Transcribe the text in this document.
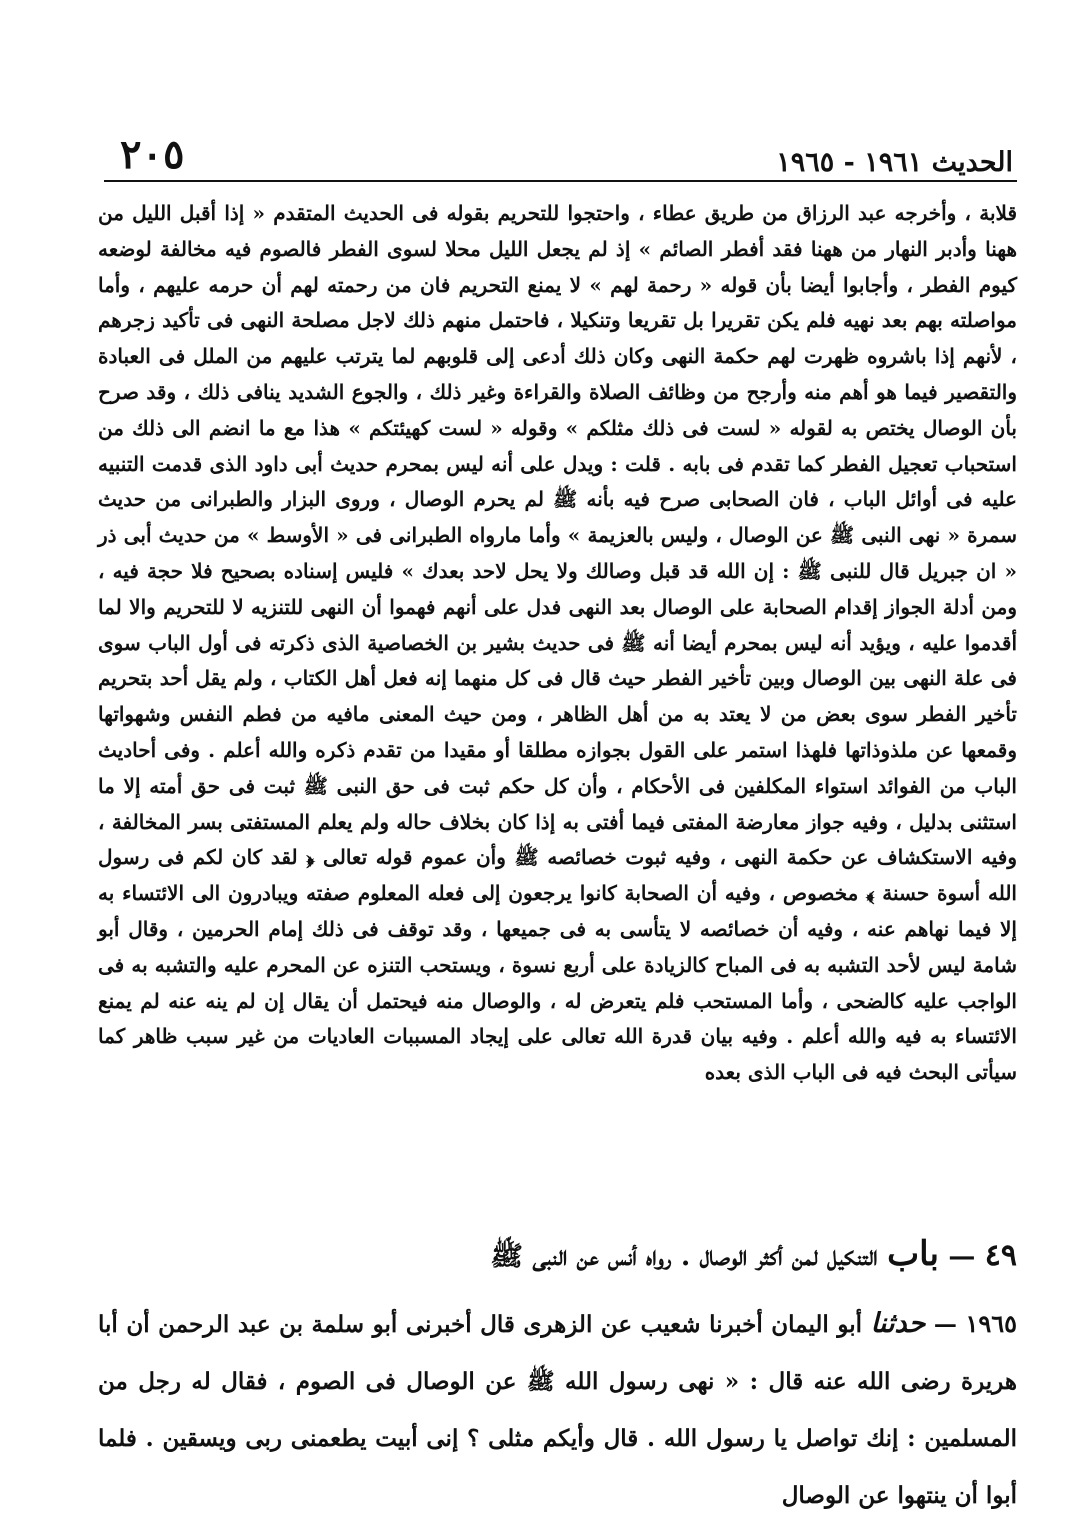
الحديث ١٩٦١ - ١٩٦٥
٢٠٥

قلابة ، وأخرجه عبد الرزاق من طريق عطاء ، واحتجوا للتحريم بقوله فى الحديث المتقدم « إذا أقبل الليل من ههنا وأدبر النهار من ههنا فقد أفطر الصائم » إذ لم يجعل الليل محلا لسوى الفطر فالصوم فيه مخالفة لوضعه كيوم الفطر ، وأجابوا أيضا بأن قوله « رحمة لهم » لا يمنع التحريم فان من رحمته لهم أن حرمه عليهم ، وأما مواصلته بهم بعد نهيه فلم يكن تقريرا بل تقريعا وتنكيلا ، فاحتمل منهم ذلك لاجل مصلحة النهى فى تأكيد زجرهم ، لأنهم إذا باشروه ظهرت لهم حكمة النهى وكان ذلك أدعى إلى قلوبهم لما يترتب عليهم من الملل فى العبادة والتقصير فيما هو أهم منه وأرجح من وظائف الصلاة والقراءة وغير ذلك ، والجوع الشديد ينافى ذلك ، وقد صرح بأن الوصال يختص به لقوله « لست فى ذلك مثلكم » وقوله « لست كهيئتكم » هذا مع ما انضم الى ذلك من استحباب تعجيل الفطر كما تقدم فى بابه . قلت : ويدل على أنه ليس بمحرم حديث أبى داود الذى قدمت التنبيه عليه فى أوائل الباب ، فان الصحابى صرح فيه بأنه ﷺ لم يحرم الوصال ، وروى البزار والطبرانى من حديث سمرة « نهى النبى ﷺ عن الوصال ، وليس بالعزيمة » وأما مارواه الطبرانى فى « الأوسط » من حديث أبى ذر « ان جبريل قال للنبى ﷺ : إن الله قد قبل وصالك ولا يحل لاحد بعدك » فليس إسناده بصحيح فلا حجة فيه ، ومن أدلة الجواز إقدام الصحابة على الوصال بعد النهى فدل على أنهم فهموا أن النهى للتنزيه لا للتحريم والا لما أقدموا عليه ، ويؤيد أنه ليس بمحرم أيضا أنه ﷺ فى حديث بشير بن الخصاصية الذى ذكرته فى أول الباب سوى فى علة النهى بين الوصال وبين تأخير الفطر حيث قال فى كل منهما إنه فعل أهل الكتاب ، ولم يقل أحد بتحريم تأخير الفطر سوى بعض من لا يعتد به من أهل الظاهر ، ومن حيث المعنى مافيه من فطم النفس وشهواتها وقمعها عن ملذوذاتها فلهذا استمر على القول بجوازه مطلقا أو مقيدا من تقدم ذكره والله أعلم . وفى أحاديث الباب من الفوائد استواء المكلفين فى الأحكام ، وأن كل حكم ثبت فى حق النبى ﷺ ثبت فى حق أمته إلا ما استثنى بدليل ، وفيه جواز معارضة المفتى فيما أفتى به إذا كان بخلاف حاله ولم يعلم المستفتى بسر المخالفة ، وفيه الاستكشاف عن حكمة النهى ، وفيه ثبوت خصائصه ﷺ وأن عموم قوله تعالى ﴿ لقد كان لكم فى رسول الله أسوة حسنة ﴾ مخصوص ، وفيه أن الصحابة كانوا يرجعون إلى فعله المعلوم صفته ويبادرون الى الائتساء به إلا فيما نهاهم عنه ، وفيه أن خصائصه لا يتأسى به فى جميعها ، وقد توقف فى ذلك إمام الحرمين ، وقال أبو شامة ليس لأحد التشبه به فى المباح كالزيادة على أربع نسوة ، ويستحب التنزه عن المحرم عليه والتشبه به فى الواجب عليه كالضحى ، وأما المستحب فلم يتعرض له ، والوصال منه فيحتمل أن يقال إن لم ينه عنه لم يمنع الائتساء به فيه والله أعلم . وفيه بيان قدرة الله تعالى على إيجاد المسببات العاديات من غير سبب ظاهر كما سيأتى البحث فيه فى الباب الذى بعده

٤٩ — باب التنكيل لمن أكثر الوصال . رواه أنس عن النبى ﷺ

١٩٦٥ — حدثنا أبو اليمان أخبرنا شعيب عن الزهرى قال أخبرنى أبو سلمة بن عبد الرحمن أن أبا هريرة رضى الله عنه قال : « نهى رسول الله ﷺ عن الوصال فى الصوم ، فقال له رجل من المسلمين : إنك تواصل يا رسول الله . قال وأيكم مثلى ؟ إنى أبيت يطعمنى ربى ويسقين . فلما أبوا أن ينتهوا عن الوصال
